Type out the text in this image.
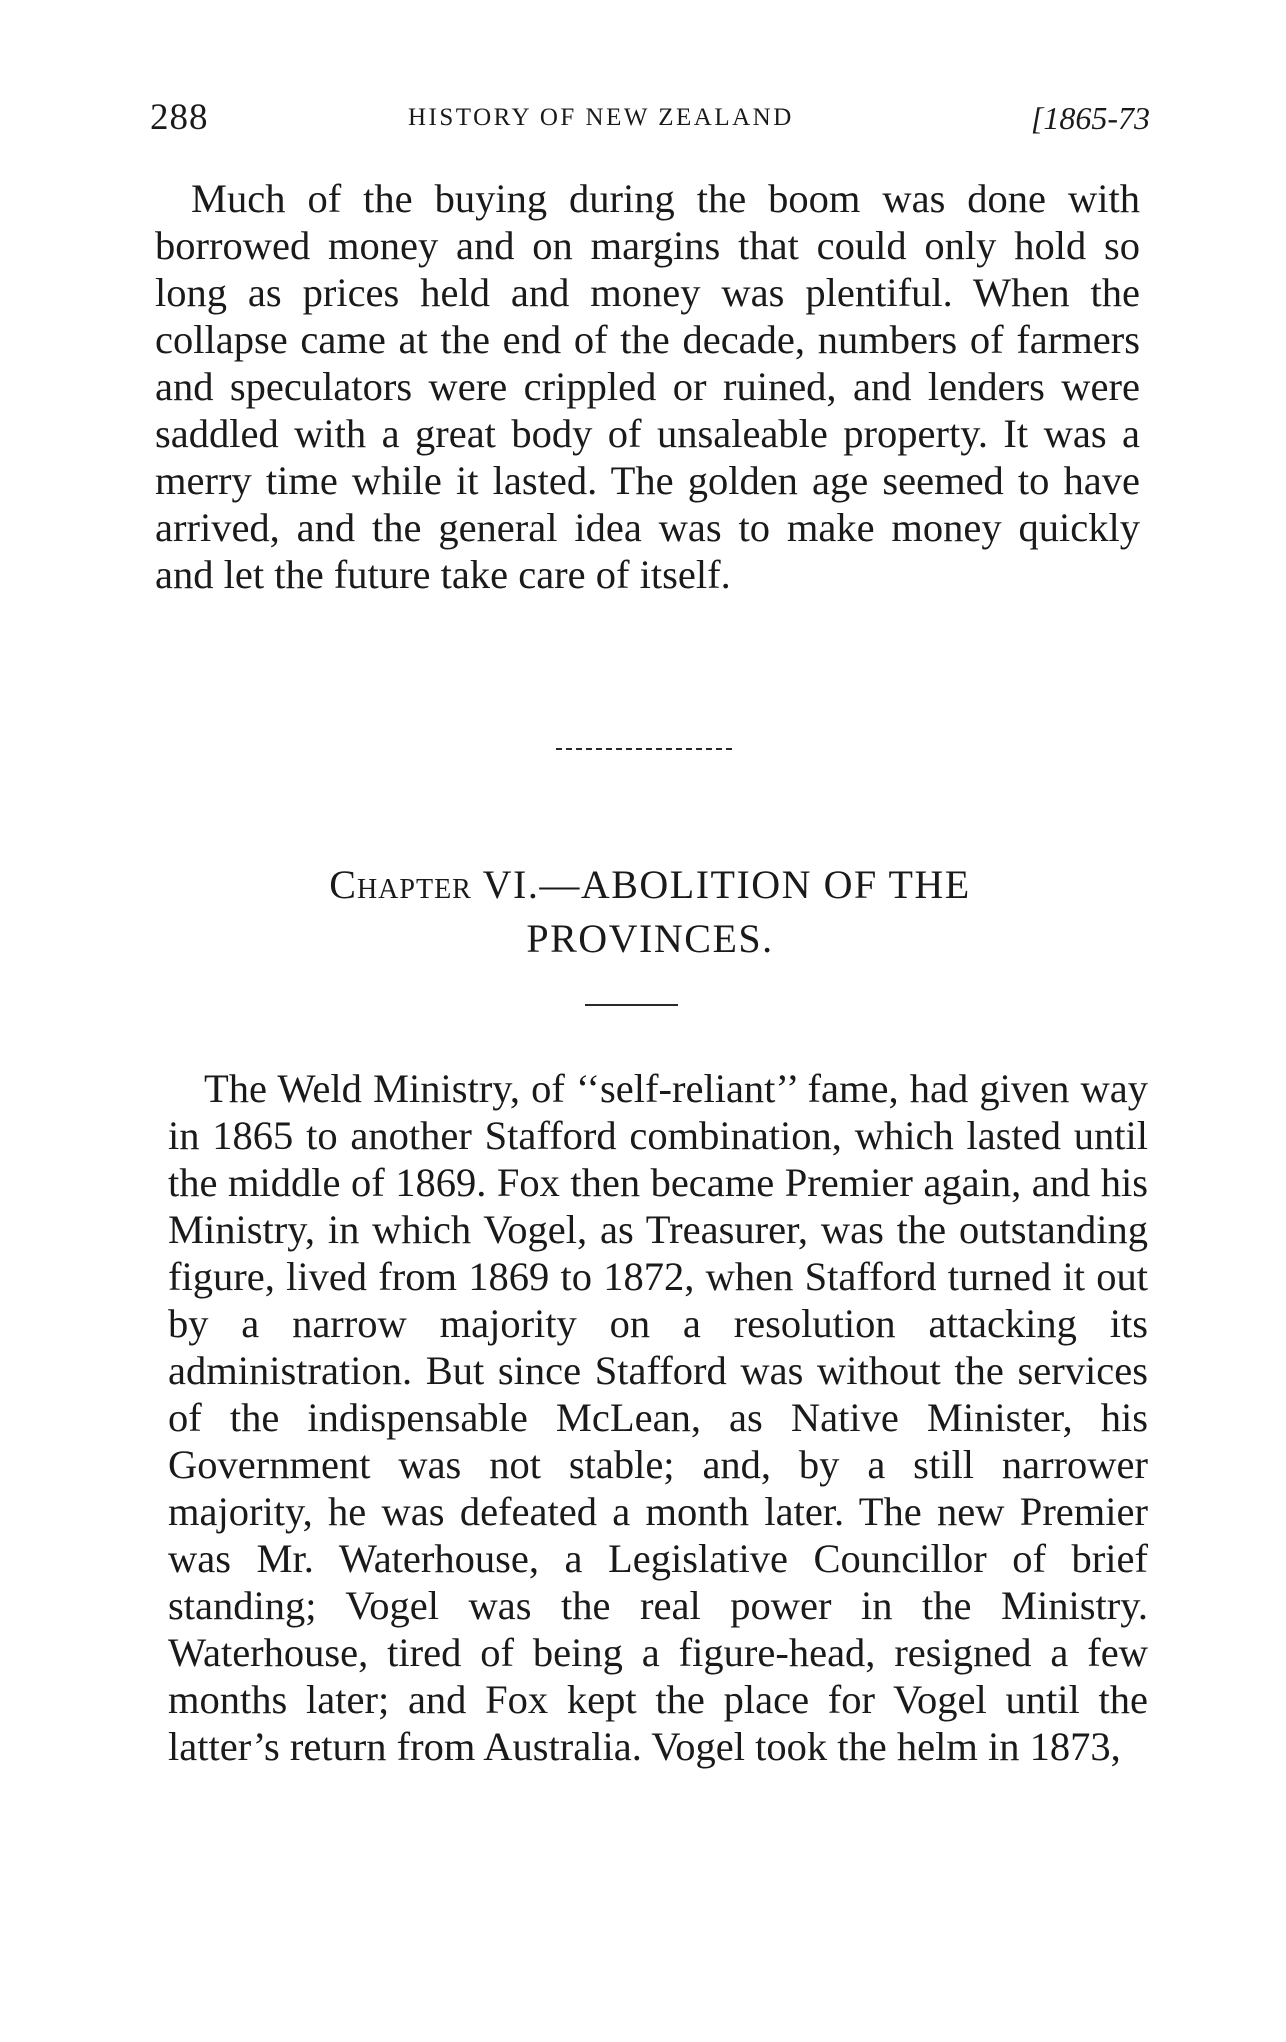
288	HISTORY OF NEW ZEALAND	[1865-73

Much of the buying during the boom was done with borrowed money and on margins that could only hold so long as prices held and money was plentiful. When the collapse came at the end of the decade, numbers of farmers and speculators were crippled or ruined, and lenders were saddled with a great body of unsaleable property. It was a merry time while it lasted. The golden age seemed to have arrived, and the general idea was to make money quickly and let the future take care of itself.

Chapter VI.—ABOLITION OF THE
PROVINCES.

The Weld Ministry, of ‘‘self-reliant’’ fame, had given way in 1865 to another Stafford combination, which lasted until the middle of 1869. Fox then became Premier again, and his Ministry, in which Vogel, as Treasurer, was the outstanding figure, lived from 1869 to 1872, when Stafford turned it out by a narrow majority on a resolution attacking its administration. But since Stafford was without the services of the indispensable McLean, as Native Minister, his Government was not stable; and, by a still narrower majority, he was defeated a month later. The new Premier was Mr. Waterhouse, a Legislative Councillor of brief standing; Vogel was the real power in the Ministry. Waterhouse, tired of being a figure-head, resigned a few months later; and Fox kept the place for Vogel until the latter’s return from Australia. Vogel took the helm in 1873,
